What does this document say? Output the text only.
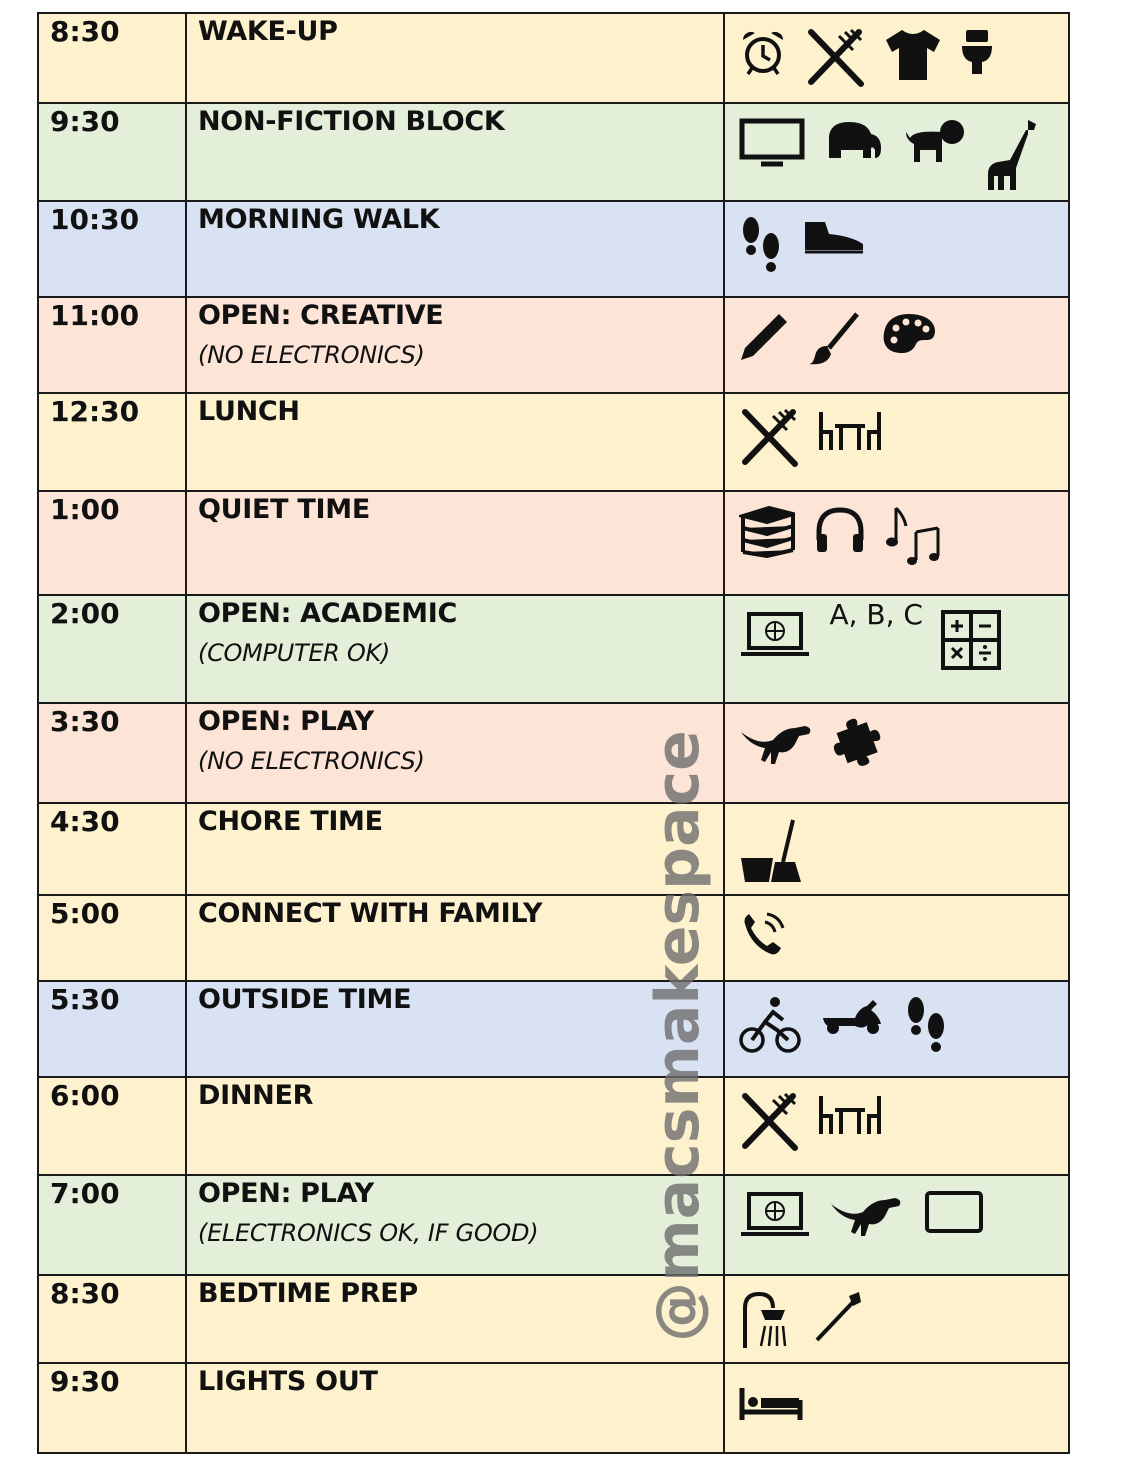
8:30	WAKE-UP

9:30	NON-FICTION BLOCK

10:30	MORNING WALK

11:00	OPEN: CREATIVE
(NO ELECTRONICS)

12:30	LUNCH

1:00	QUIET TIME

2:00	OPEN: ACADEMIC
(COMPUTER OK)	A, B, C
3:30	OPEN: PLAY
(NO ELECTRONICS)

4:30	CHORE TIME

5:00	CONNECT WITH FAMILY

5:30	OUTSIDE TIME

6:00	DINNER

7:00	OPEN: PLAY
(ELECTRONICS OK, IF GOOD)

8:30	BEDTIME PREP

9:30	LIGHTS OUT

@macsmakespace
